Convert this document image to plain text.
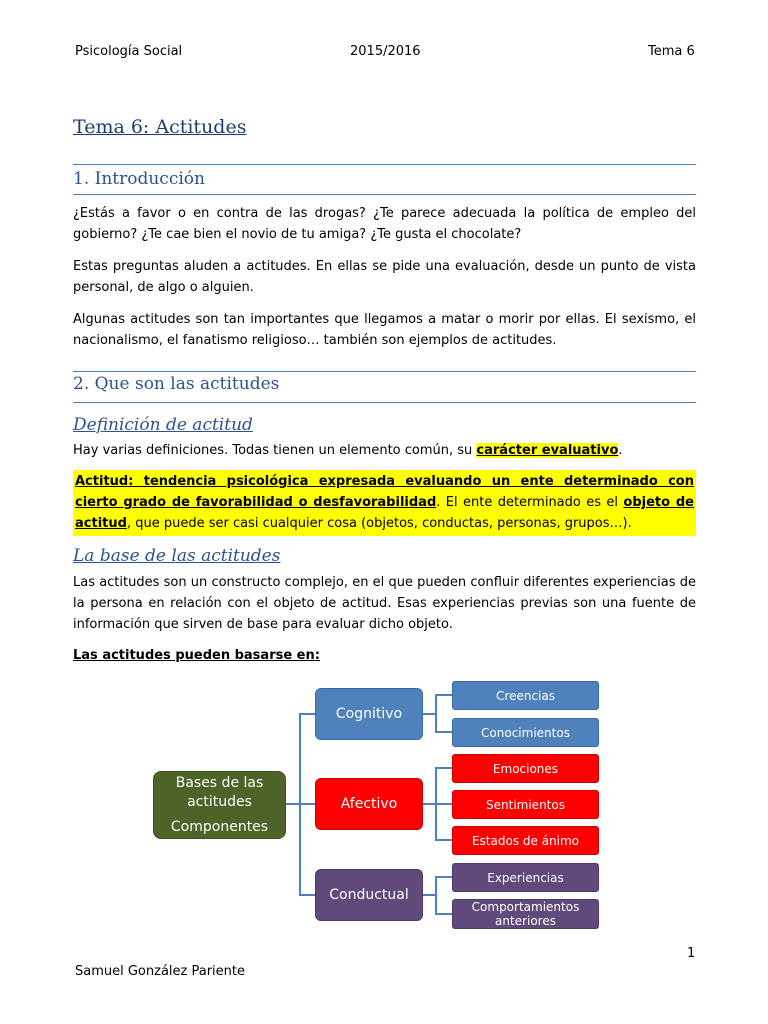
Psicología Social	2015/2016	Tema 6
Tema 6: Actitudes
1. Introducción
¿Estás a favor o en contra de las drogas? ¿Te parece adecuada la política de empleo del gobierno? ¿Te cae bien el novio de tu amiga? ¿Te gusta el chocolate?
Estas preguntas aluden a actitudes. En ellas se pide una evaluación, desde un punto de vista personal, de algo o alguien.
Algunas actitudes son tan importantes que llegamos a matar o morir por ellas. El sexismo, el nacionalismo, el fanatismo religioso… también son ejemplos de actitudes.
2. Que son las actitudes
Definición de actitud
Hay varias definiciones. Todas tienen un elemento común, su carácter evaluativo.
Actitud: tendencia psicológica expresada evaluando un ente determinado con cierto grado de favorabilidad o desfavorabilidad. El ente determinado es el objeto de actitud, que puede ser casi cualquier cosa (objetos, conductas, personas, grupos…).
La base de las actitudes
Las actitudes son un constructo complejo, en el que pueden confluir diferentes experiencias de la persona en relación con el objeto de actitud. Esas experiencias previas son una fuente de información que sirven de base para evaluar dicho objeto.
Las actitudes pueden basarse en:
Bases de las
actitudes
Componentes
Cognitivo
Afectivo
Conductual
Creencias
Conocimientos
Emociones
Sentimientos
Estados de ánimo
Experiencias
Comportamientos anteriores
1
Samuel González Pariente
